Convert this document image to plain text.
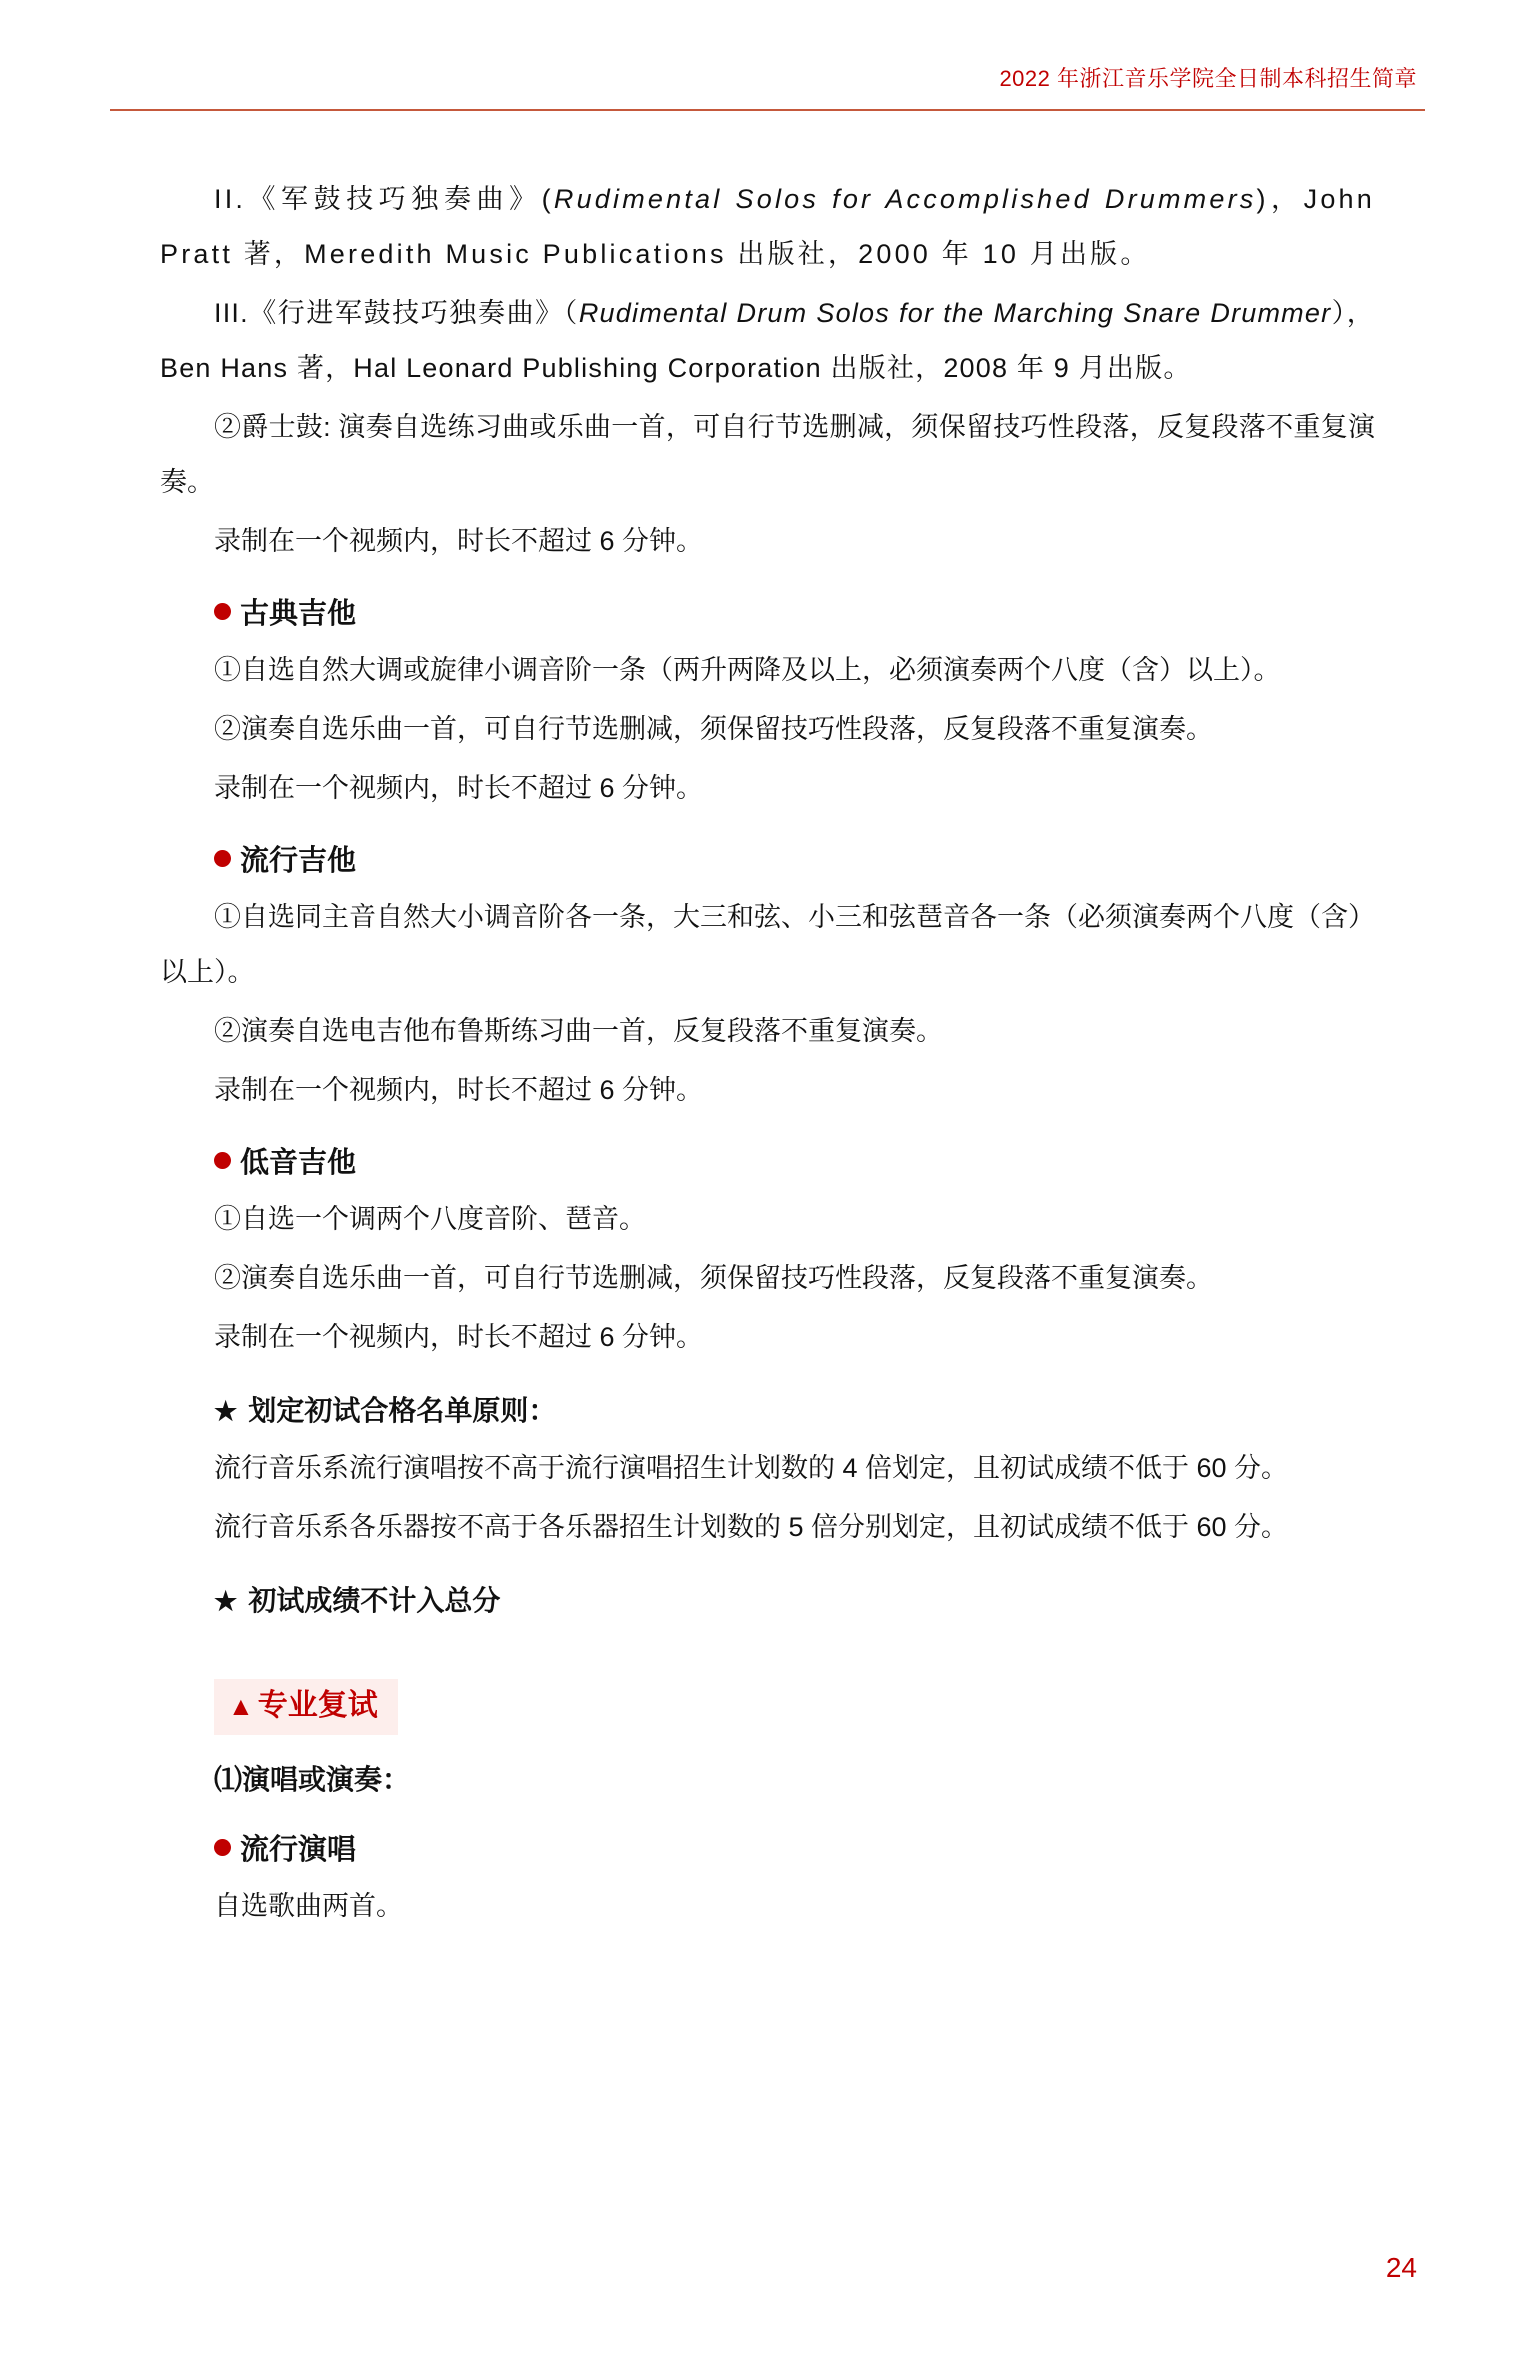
2022 年浙江音乐学院全日制本科招生简章

II.《军鼓技巧独奏曲》(Rudimental Solos for Accomplished Drummers)，John Pratt 著，Meredith Music Publications 出版社，2000 年 10 月出版。

III.《行进军鼓技巧独奏曲》（Rudimental Drum Solos for the Marching Snare Drummer），Ben Hans 著，Hal Leonard Publishing Corporation 出版社，2008 年 9 月出版。

②爵士鼓: 演奏自选练习曲或乐曲一首，可自行节选删减，须保留技巧性段落，反复段落不重复演奏。

录制在一个视频内，时长不超过 6 分钟。

古典吉他

①自选自然大调或旋律小调音阶一条（两升两降及以上，必须演奏两个八度（含）以上）。

②演奏自选乐曲一首，可自行节选删减，须保留技巧性段落，反复段落不重复演奏。

录制在一个视频内，时长不超过 6 分钟。

流行吉他

①自选同主音自然大小调音阶各一条，大三和弦、小三和弦琶音各一条（必须演奏两个八度（含）以上）。

②演奏自选电吉他布鲁斯练习曲一首，反复段落不重复演奏。

录制在一个视频内，时长不超过 6 分钟。

低音吉他

①自选一个调两个八度音阶、琶音。

②演奏自选乐曲一首，可自行节选删减，须保留技巧性段落，反复段落不重复演奏。

录制在一个视频内，时长不超过 6 分钟。

★ 划定初试合格名单原则：

流行音乐系流行演唱按不高于流行演唱招生计划数的 4 倍划定，且初试成绩不低于 60 分。

流行音乐系各乐器按不高于各乐器招生计划数的 5 倍分别划定，且初试成绩不低于 60 分。

★ 初试成绩不计入总分

▲ 专业复试

⑴演唱或演奏：

流行演唱

自选歌曲两首。

24
